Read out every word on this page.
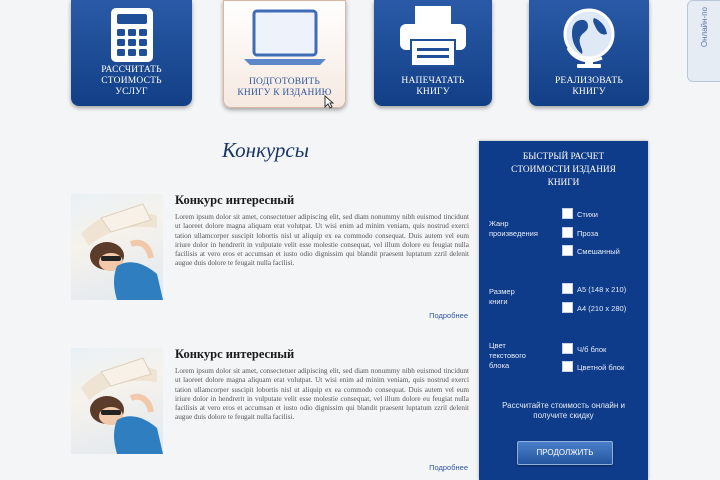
РАССЧИТАТЬ СТОИМОСТЬ УСЛУГ
ПОДГОТОВИТЬ КНИГУ К ИЗДАНИЮ
НАПЕЧАТАТЬ КНИГУ
РЕАЛИЗОВАТЬ КНИГУ
Онлайн-по
Конкурсы
Конкурс интересный
Lorem ipsum dolor sit amet, consectetuer adipiscing elit, sed diam nonummy nibh euismod tincidunt ut laoreet dolore magna aliquam erat volutpat. Ut wisi enim ad minim veniam, quis nostrud exerci tation ullamcorper suscipit lobortis nisl ut aliquip ex ea commodo consequat. Duis autem vel eum iriure dolor in hendrerit in vulputate velit esse molestie consequat, vel illum dolore eu feugiat nulla facilisis at vero eros et accumsan et iusto odio dignissim qui blandit praesent luptatum zzril delenit augue duis dolore te feugait nulla facilisi.
Подробнее
Конкурс интересный
Lorem ipsum dolor sit amet, consectetuer adipiscing elit, sed diam nonummy nibh euismod tincidunt ut laoreet dolore magna aliquam erat volutpat. Ut wisi enim ad minim veniam, quis nostrud exerci tation ullamcorper suscipit lobortis nisl ut aliquip ex ea commodo consequat. Duis autem vel eum iriure dolor in hendrerit in vulputate velit esse molestie consequat, vel illum dolore eu feugiat nulla facilisis at vero eros et accumsan et iusto odio dignissim qui blandit praesent luptatum zzril delenit augue duis dolore te feugait nulla facilisi.
Подробнее
БЫСТРЫЙ РАСЧЕТ СТОИМОСТИ ИЗДАНИЯ КНИГИ
Жанр произведения
Стихи
Проза
Смешанный
Размер книги
А5 (148 x 210)
А4 (210 x 280)
Цвет текстового блока
Ч/б блок
Цветной блок
Рассчитайте стоимость онлайн и получите скидку
ПРОДОЛЖИТЬ
